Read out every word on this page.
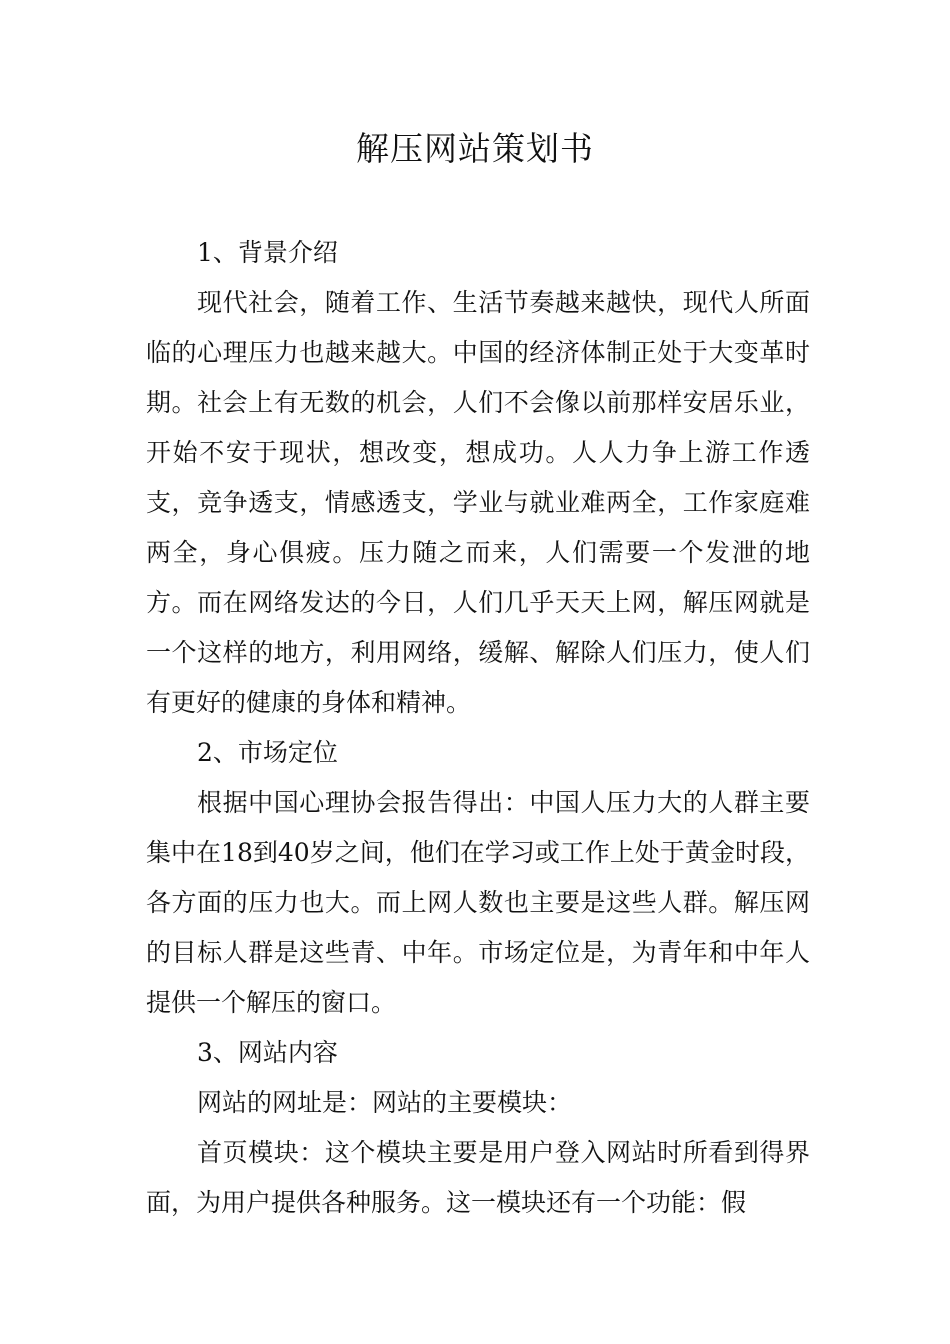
解压网站策划书

1、背景介绍

现代社会，随着工作、生活节奏越来越快，现代人所面临的心理压力也越来越大。中国的经济体制正处于大变革时期。社会上有无数的机会，人们不会像以前那样安居乐业，开始不安于现状，想改变，想成功。人人力争上游工作透支，竞争透支，情感透支，学业与就业难两全，工作家庭难两全，身心俱疲。压力随之而来，人们需要一个发泄的地方。而在网络发达的今日，人们几乎天天上网，解压网就是一个这样的地方，利用网络，缓解、解除人们压力，使人们有更好的健康的身体和精神。

2、市场定位

根据中国心理协会报告得出：中国人压力大的人群主要集中在18到40岁之间，他们在学习或工作上处于黄金时段，各方面的压力也大。而上网人数也主要是这些人群。解压网的目标人群是这些青、中年。市场定位是，为青年和中年人提供一个解压的窗口。

3、网站内容

网站的网址是：网站的主要模块：

首页模块：这个模块主要是用户登入网站时所看到得界面，为用户提供各种服务。这一模块还有一个功能：假
